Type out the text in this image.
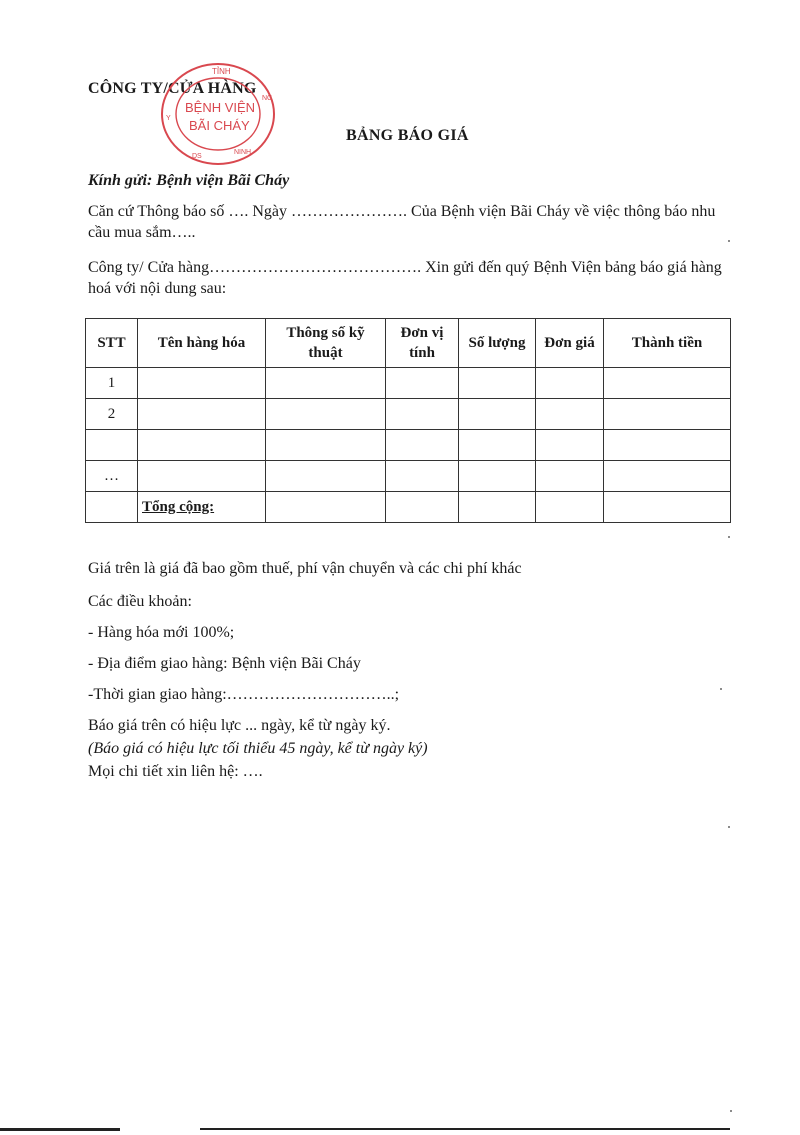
CÔNG TY/CỬA HÀNG
TỈNH
BỆNH VIỆN
BÃI CHÁY
Y
NG
DS
NINH
BẢNG BÁO GIÁ
Kính gửi: Bệnh viện Bãi Cháy
Căn cứ Thông báo số …. Ngày …………………. Của Bệnh viện Bãi Cháy về việc thông báo nhu cầu mua sắm…..
Công ty/ Cửa hàng…………………………………. Xin gửi đến quý Bệnh Viện bảng báo giá hàng hoá với nội dung sau:
STT	Tên hàng hóa	Thông số kỹ thuật	Đơn vị tính	Số lượng	Đơn giá	Thành tiền
1						
2						

…						
	Tổng cộng:					
Giá trên là giá đã bao gồm thuế, phí vận chuyển và các chi phí khác
Các điều khoản:
- Hàng hóa mới 100%;
- Địa điểm giao hàng: Bệnh viện Bãi Cháy
-Thời gian giao hàng:…………………………..;
Báo giá trên có hiệu lực ... ngày, kể từ ngày ký.
(Báo giá có hiệu lực tối thiểu 45 ngày, kể từ ngày ký)
Mọi chi tiết xin liên hệ: ….
